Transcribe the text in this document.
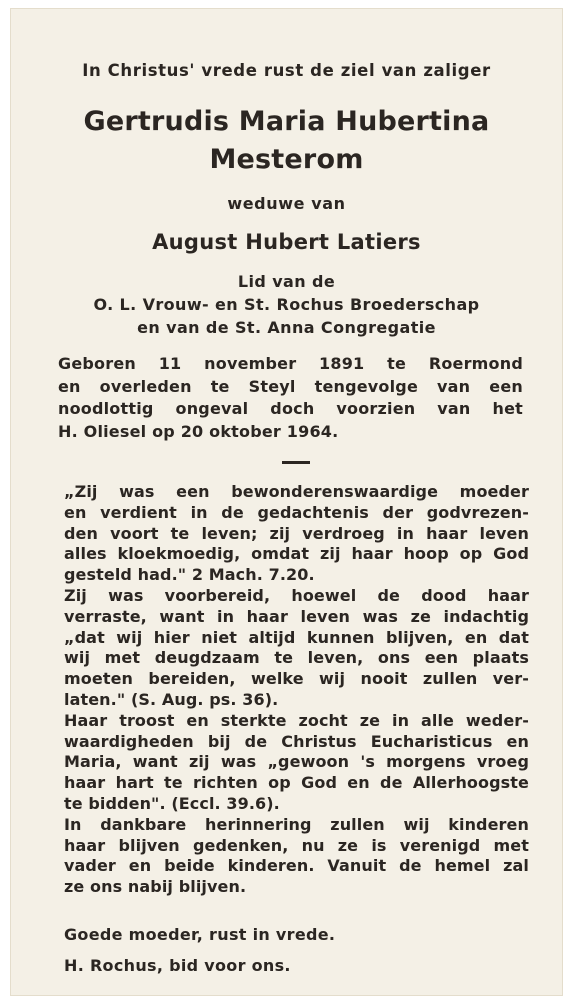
In Christus' vrede rust de ziel van zaliger
Gertrudis Maria Hubertina
Mesterom
weduwe van
August Hubert Latiers
Lid van de
O. L. Vrouw- en St. Rochus Broederschap
en van de St. Anna Congregatie
Geboren 11 november 1891 te Roermond
en overleden te Steyl tengevolge van een
noodlottig ongeval doch voorzien van het
H. Oliesel op 20 oktober 1964.
„Zij was een bewonderenswaardige moeder
en verdient in de gedachtenis der godvrezen-
den voort te leven; zij verdroeg in haar leven
alles kloekmoedig, omdat zij haar hoop op God
gesteld had." 2 Mach. 7.20.
Zij was voorbereid, hoewel de dood haar
verraste, want in haar leven was ze indachtig
„dat wij hier niet altijd kunnen blijven, en dat
wij met deugdzaam te leven, ons een plaats
moeten bereiden, welke wij nooit zullen ver-
laten." (S. Aug. ps. 36).
Haar troost en sterkte zocht ze in alle weder-
waardigheden bij de Christus Eucharisticus en
Maria, want zij was „gewoon 's morgens vroeg
haar hart te richten op God en de Allerhoogste
te bidden". (Eccl. 39.6).
In dankbare herinnering zullen wij kinderen
haar blijven gedenken, nu ze is verenigd met
vader en beide kinderen. Vanuit de hemel zal
ze ons nabij blijven.
Goede moeder, rust in vrede.
H. Rochus, bid voor ons.
